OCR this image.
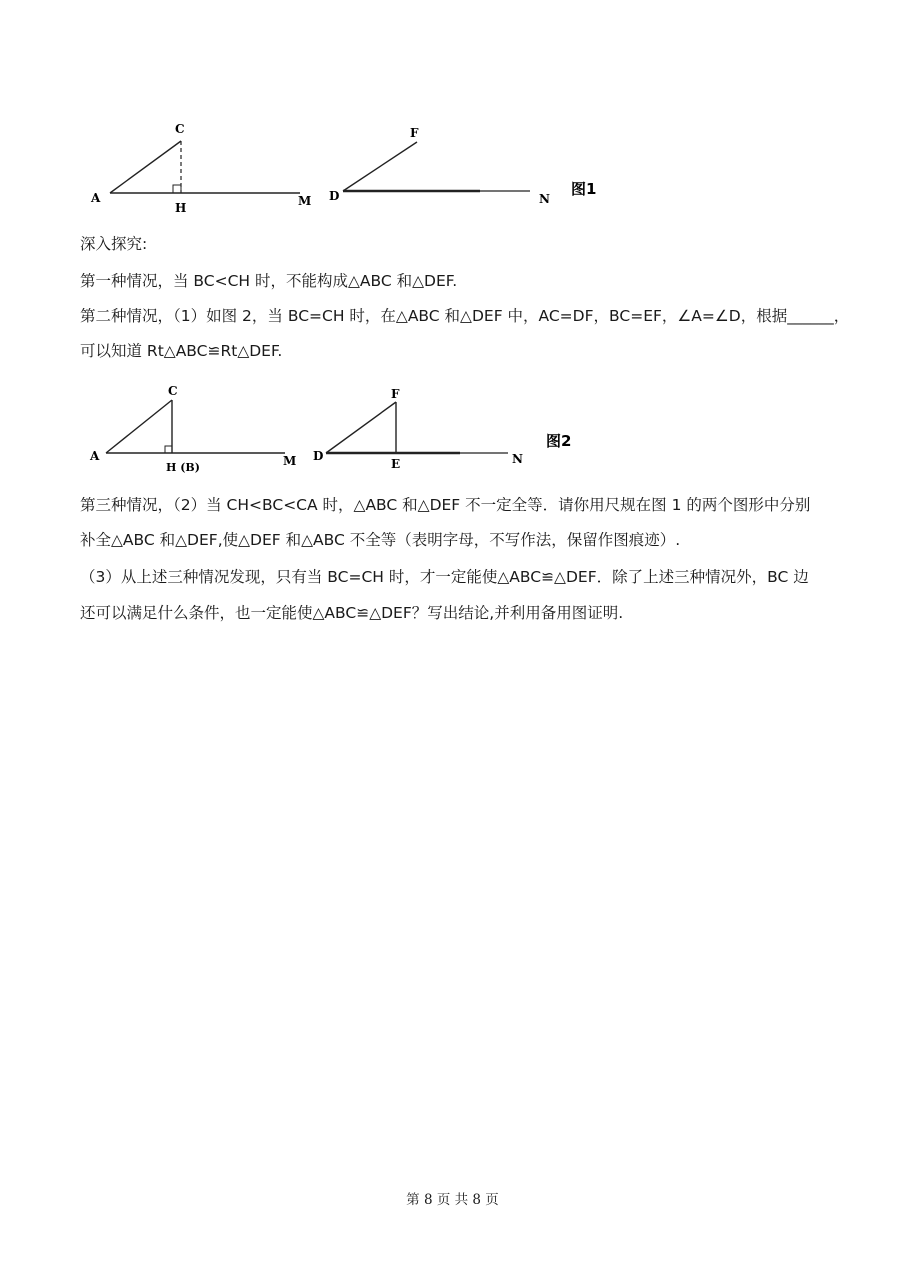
A
C
H	M D
F
N
图1
深入探究:
第一种情况，当 BC<CH 时，不能构成△ABC 和△DEF.
第二种情况，（1）如图 2，当 BC=CH 时，在△ABC 和△DEF 中，AC=DF，BC=EF，∠A=∠D，根据______，
可以知道 Rt△ABC≌Rt△DEF.
A
C
H (B)	M D
F
E	N
图2
第三种情况，（2）当 CH<BC<CA 时，△ABC 和△DEF 不一定全等．请你用尺规在图 1 的两个图形中分别
补全△ABC 和△DEF,使△DEF 和△ABC 不全等（表明字母，不写作法，保留作图痕迹）.
（3）从上述三种情况发现，只有当 BC=CH 时，才一定能使△ABC≌△DEF．除了上述三种情况外，BC 边
还可以满足什么条件，也一定能使△ABC≌△DEF？写出结论,并利用备用图证明.
第 8 页 共 8 页
